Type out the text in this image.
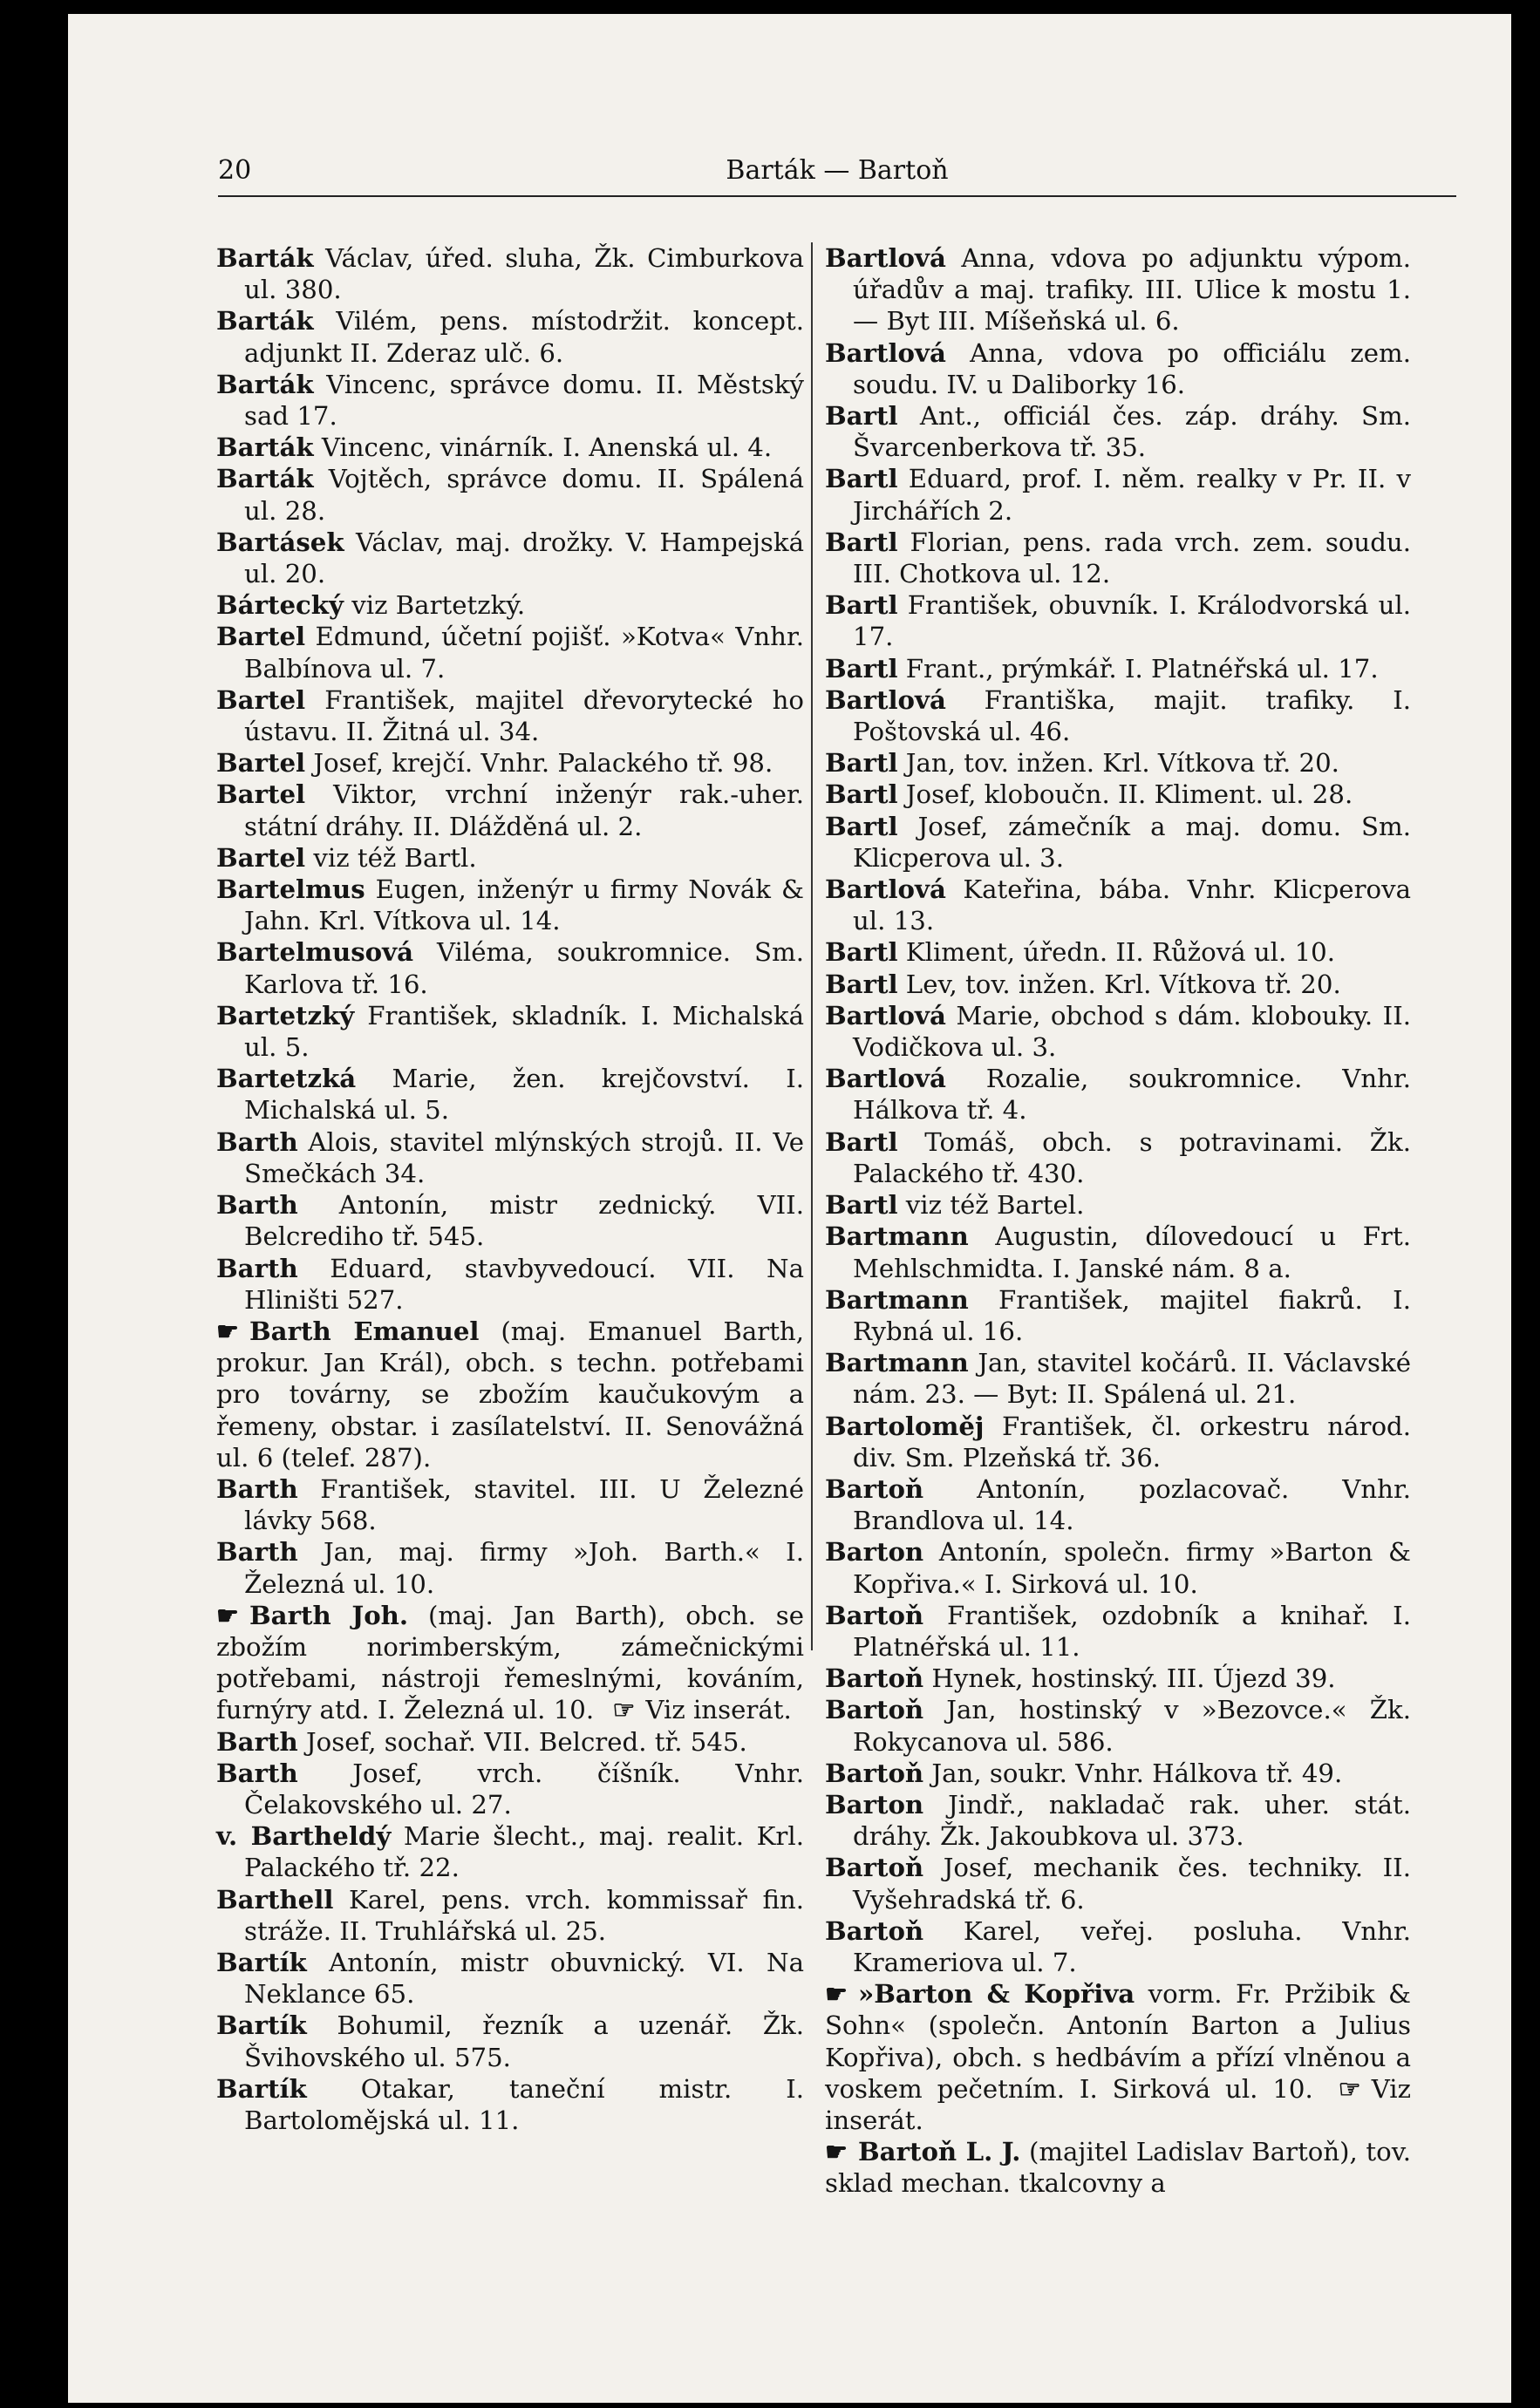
20	Barták — Bartoň
Barták Václav, úřed. sluha, Žk. Cimburkova ul. 380.
Barták Vilém, pens. místodržit. koncept. adjunkt II. Zderaz ulč. 6.
Barták Vincenc, správce domu. II. Městský sad 17.
Barták Vincenc, vinárník. I. Anenská ul. 4.
Barták Vojtěch, správce domu. II. Spálená ul. 28.
Bartásek Václav, maj. drožky. V. Hampejská ul. 20.
Bártecký viz Bartetzký.
Bartel Edmund, účetní pojišť. »Kotva« Vnhr. Balbínova ul. 7.
Bartel František, majitel dřevorytecké ho ústavu. II. Žitná ul. 34.
Bartel Josef, krejčí. Vnhr. Palackého tř. 98.
Bartel Viktor, vrchní inženýr rak.-uher. státní dráhy. II. Dlážděná ul. 2.
Bartel viz též Bartl.
Bartelmus Eugen, inženýr u firmy Novák & Jahn. Krl. Vítkova ul. 14.
Bartelmusová Viléma, soukromnice. Sm. Karlova tř. 16.
Bartetzký František, skladník. I. Michalská ul. 5.
Bartetzká Marie, žen. krejčovství. I. Michalská ul. 5.
Barth Alois, stavitel mlýnských strojů. II. Ve Smečkách 34.
Barth Antonín, mistr zednický. VII. Belcrediho tř. 545.
Barth Eduard, stavbyvedoucí. VII. Na Hliništi 527.
☛ Barth Emanuel (maj. Emanuel Barth, prokur. Jan Král), obch. s techn. potřebami pro továrny, se zbožím kaučukovým a řemeny, obstar. i zasílatelství. II. Senovážná ul. 6 (telef. 287).
Barth František, stavitel. III. U Železné lávky 568.
Barth Jan, maj. firmy »Joh. Barth.« I. Železná ul. 10.
☛ Barth Joh. (maj. Jan Barth), obch. se zbožím norimberským, zámečnickými potřebami, nástroji řemeslnými, kováním, furnýry atd. I. Železná ul. 10. ☞ Viz inserát.
Barth Josef, sochař. VII. Belcred. tř. 545.
Barth Josef, vrch. číšník. Vnhr. Čelakovského ul. 27.
v. Bartheldý Marie šlecht., maj. realit. Krl. Palackého tř. 22.
Barthell Karel, pens. vrch. kommissař fin. stráže. II. Truhlářská ul. 25.
Bartík Antonín, mistr obuvnický. VI. Na Neklance 65.
Bartík Bohumil, řezník a uzenář. Žk. Švihovského ul. 575.
Bartík Otakar, taneční mistr. I. Bartolomějská ul. 11.
Bartlová Anna, vdova po adjunktu výpom. úřadův a maj. trafiky. III. Ulice k mostu 1. — Byt III. Míšeňská ul. 6.
Bartlová Anna, vdova po officiálu zem. soudu. IV. u Daliborky 16.
Bartl Ant., officiál čes. záp. dráhy. Sm. Švarcenberkova tř. 35.
Bartl Eduard, prof. I. něm. realky v Pr. II. v Jirchářích 2.
Bartl Florian, pens. rada vrch. zem. soudu. III. Chotkova ul. 12.
Bartl František, obuvník. I. Králodvorská ul. 17.
Bartl Frant., prýmkář. I. Platnéřská ul. 17.
Bartlová Františka, majit. trafiky. I. Poštovská ul. 46.
Bartl Jan, tov. inžen. Krl. Vítkova tř. 20.
Bartl Josef, kloboučn. II. Kliment. ul. 28.
Bartl Josef, zámečník a maj. domu. Sm. Klicperova ul. 3.
Bartlová Kateřina, bába. Vnhr. Klicperova ul. 13.
Bartl Kliment, úředn. II. Růžová ul. 10.
Bartl Lev, tov. inžen. Krl. Vítkova tř. 20.
Bartlová Marie, obchod s dám. klobouky. II. Vodičkova ul. 3.
Bartlová Rozalie, soukromnice. Vnhr. Hálkova tř. 4.
Bartl Tomáš, obch. s potravinami. Žk. Palackého tř. 430.
Bartl viz též Bartel.
Bartmann Augustin, dílovedoucí u Frt. Mehlschmidta. I. Janské nám. 8 a.
Bartmann František, majitel fiakrů. I. Rybná ul. 16.
Bartmann Jan, stavitel kočárů. II. Václavské nám. 23. — Byt: II. Spálená ul. 21.
Bartoloměj František, čl. orkestru národ. div. Sm. Plzeňská tř. 36.
Bartoň Antonín, pozlacovač. Vnhr. Brandlova ul. 14.
Barton Antonín, společn. firmy »Barton & Kopřiva.« I. Sirková ul. 10.
Bartoň František, ozdobník a knihař. I. Platnéřská ul. 11.
Bartoň Hynek, hostinský. III. Újezd 39.
Bartoň Jan, hostinský v »Bezovce.« Žk. Rokycanova ul. 586.
Bartoň Jan, soukr. Vnhr. Hálkova tř. 49.
Barton Jindř., nakladač rak. uher. stát. dráhy. Žk. Jakoubkova ul. 373.
Bartoň Josef, mechanik čes. techniky. II. Vyšehradská tř. 6.
Bartoň Karel, veřej. posluha. Vnhr. Krameriova ul. 7.
☛ »Barton & Kopřiva vorm. Fr. Pržibik & Sohn« (společn. Antonín Barton a Julius Kopřiva), obch. s hedbávím a přízí vlněnou a voskem pečetním. I. Sirková ul. 10. ☞ Viz inserát.
☛ Bartoň L. J. (majitel Ladislav Bartoň), tov. sklad mechan. tkalcovny a
